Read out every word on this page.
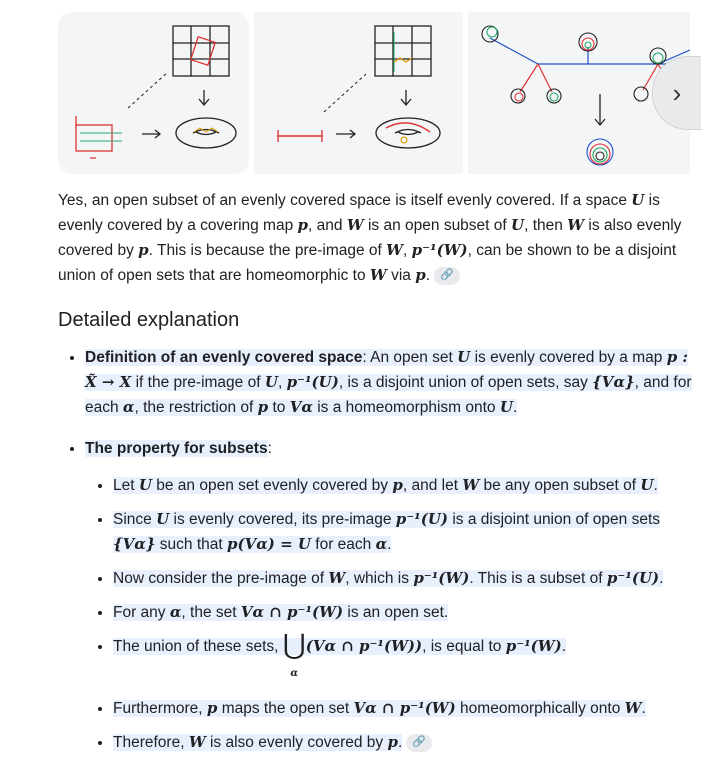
›

Yes, an open subset of an evenly covered space is itself evenly covered. If a space U is evenly covered by a covering map p, and W is an open subset of U, then W is also evenly covered by p. This is because the pre-image of W, p⁻¹(W), can be shown to be a disjoint union of open sets that are homeomorphic to W via p. 🔗

Detailed explanation
• Definition of an evenly covered space: An open set U is evenly covered by a map p : X̃ → X if the pre-image of U, p⁻¹(U), is a disjoint union of open sets, say {Vα}, and for each α, the restriction of p to Vα is a homeomorphism onto U.
• The property for subsets:
• Let U be an open set evenly covered by p, and let W be any open subset of U.
• Since U is evenly covered, its pre-image p⁻¹(U) is a disjoint union of open sets {Vα} such that p(Vα) = U for each α.
• Now consider the pre-image of W, which is p⁻¹(W). This is a subset of p⁻¹(U).
• For any α, the set Vα ∩ p⁻¹(W) is an open set.
• The union of these sets, ⋃
α
(Vα ∩ p⁻¹(W)), is equal to p⁻¹(W).
• Furthermore, p maps the open set Vα ∩ p⁻¹(W) homeomorphically onto W.
• Therefore, W is also evenly covered by p. 🔗
